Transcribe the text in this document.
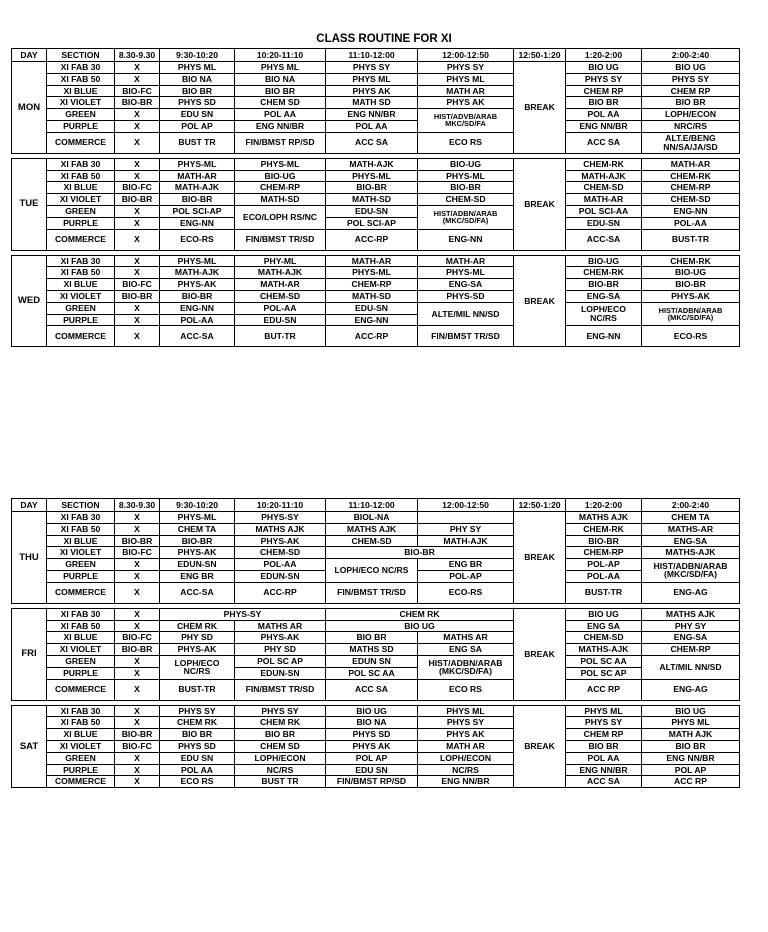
CLASS ROUTINE FOR XI
DAY	SECTION	8.30-9.30	9:30-10:20	10:20-11:10	11:10-12:00	12:00-12:50	12:50-1:20	1:20-2:00	2:00-2:40
MON	XI FAB 30	X	PHYS ML	PHYS ML	PHYS SY	PHYS SY	BREAK	BIO UG	BIO UG
	XI FAB 50	X	BIO NA	BIO NA	PHYS ML	PHYS ML		PHYS SY	PHYS SY
	XI BLUE	BIO-FC	BIO BR	BIO BR	PHYS AK	MATH AR		CHEM RP	CHEM RP
	XI VIOLET	BIO-BR	PHYS SD	CHEM SD	MATH SD	PHYS AK		BIO BR	BIO BR
	GREEN	X	EDU SN	POL AA	ENG NN/BR	HIST/ADVB/ARAB MKC/SD/FA		POL AA	LOPH/ECON
	PURPLE	X	POL AP	ENG NN/BR	POL AA			ENG NN/BR	NRC/RS
	COMMERCE	X	BUST TR	FIN/BMST RP/SD	ACC SA	ECO RS		ACC SA	ALT.E/BENG NN/SA/JA/SD

TUE	XI FAB 30	X	PHYS-ML	PHYS-ML	MATH-AJK	BIO-UG	BREAK	CHEM-RK	MATH-AR
	XI FAB 50	X	MATH-AR	BIO-UG	PHYS-ML	PHYS-ML		MATH-AJK	CHEM-RK
	XI BLUE	BIO-FC	MATH-AJK	CHEM-RP	BIO-BR	BIO-BR		CHEM-SD	CHEM-RP
	XI VIOLET	BIO-BR	BIO-BR	MATH-SD	MATH-SD	CHEM-SD		MATH-AR	CHEM-SD
	GREEN	X	POL SCI-AP	ECO/LOPH RS/NC	EDU-SN	HIST/ADBN/ARAB (MKC/SD/FA)		POL SCI-AA	ENG-NN
	PURPLE	X	ENG-NN		POL SCI-AP			EDU-SN	POL-AA
	COMMERCE	X	ECO-RS	FIN/BMST TR/SD	ACC-RP	ENG-NN		ACC-SA	BUST-TR

WED	XI FAB 30	X	PHYS-ML	PHY-ML	MATH-AR	MATH-AR	BREAK	BIO-UG	CHEM-RK
	XI FAB 50	X	MATH-AJK	MATH-AJK	PHYS-ML	PHYS-ML		CHEM-RK	BIO-UG
	XI BLUE	BIO-FC	PHYS-AK	MATH-AR	CHEM-RP	ENG-SA		BIO-BR	BIO-BR
	XI VIOLET	BIO-BR	BIO-BR	CHEM-SD	MATH-SD	PHYS-SD		ENG-SA	PHYS-AK
	GREEN	X	ENG-NN	POL-AA	EDU-SN	ALTE/MIL NN/SD		LOPH/ECO NC/RS	HIST/ADBN/ARAB (MKC/SD/FA)
	PURPLE	X	POL-AA	EDU-SN	ENG-NN				
	COMMERCE	X	ACC-SA	BUT-TR	ACC-RP	FIN/BMST TR/SD		ENG-NN	ECO-RS
DAY	SECTION	8.30-9.30	9:30-10:20	10:20-11:10	11:10-12:00	12:00-12:50	12:50-1:20	1:20-2:00	2:00-2:40
THU	XI FAB 30	X	PHYS-ML	PHYS-SY	BIOL-NA		BREAK	MATHS AJK	CHEM TA
	XI FAB 50	X	CHEM TA	MATHS AJK	MATHS AJK	PHY SY		CHEM-RK	MATHS-AR
	XI BLUE	BIO-BR	BIO-BR	PHYS-AK	CHEM-SD	MATH-AJK		BIO-BR	ENG-SA
	XI VIOLET	BIO-FC	PHYS-AK	CHEM-SD	BIO-BR			CHEM-RP	MATHS-AJK
	GREEN	X	EDUN-SN	POL-AA	LOPH/ECO NC/RS	ENG BR		POL-AP	HIST/ADBN/ARAB (MKC/SD/FA)
	PURPLE	X	ENG BR	EDUN-SN		POL-AP		POL-AA	
	COMMERCE	X	ACC-SA	ACC-RP	FIN/BMST TR/SD	ECO-RS		BUST-TR	ENG-AG

FRI	XI FAB 30	X	PHYS-SY		CHEM RK		BREAK	BIO UG	MATHS AJK
	XI FAB 50	X	CHEM RK	MATHS AR	BIO UG			ENG SA	PHY SY
	XI BLUE	BIO-FC	PHY SD	PHYS-AK	BIO BR	MATHS AR		CHEM-SD	ENG-SA
	XI VIOLET	BIO-BR	PHYS-AK	PHY SD	MATHS SD	ENG SA		MATHS-AJK	CHEM-RP
	GREEN	X	LOPH/ECO NC/RS	POL SC AP	EDUN SN	HIST/ADBN/ARAB (MKC/SD/FA)		POL SC AA	ALT/MIL NN/SD
	PURPLE	X		EDUN-SN	POL SC AA			POL SC AP	
	COMMERCE	X	BUST-TR	FIN/BMST TR/SD	ACC SA	ECO RS		ACC RP	ENG-AG

SAT	XI FAB 30	X	PHYS SY	PHYS SY	BIO UG	PHYS ML	BREAK	PHYS ML	BIO UG
	XI FAB 50	X	CHEM RK	CHEM RK	BIO NA	PHYS SY		PHYS SY	PHYS ML
	XI BLUE	BIO-BR	BIO BR	BIO BR	PHYS SD	PHYS AK		CHEM RP	MATH AJK
	XI VIOLET	BIO-FC	PHYS SD	CHEM SD	PHYS AK	MATH AR		BIO BR	BIO BR
	GREEN	X	EDU SN	LOPH/ECON	POL AP	LOPH/ECON		POL AA	ENG NN/BR
	PURPLE	X	POL AA	NC/RS	EDU SN	NC/RS		ENG NN/BR	POL AP
	COMMERCE	X	ECO RS	BUST TR	FIN/BMST RP/SD	ENG NN/BR		ACC SA	ACC RP
